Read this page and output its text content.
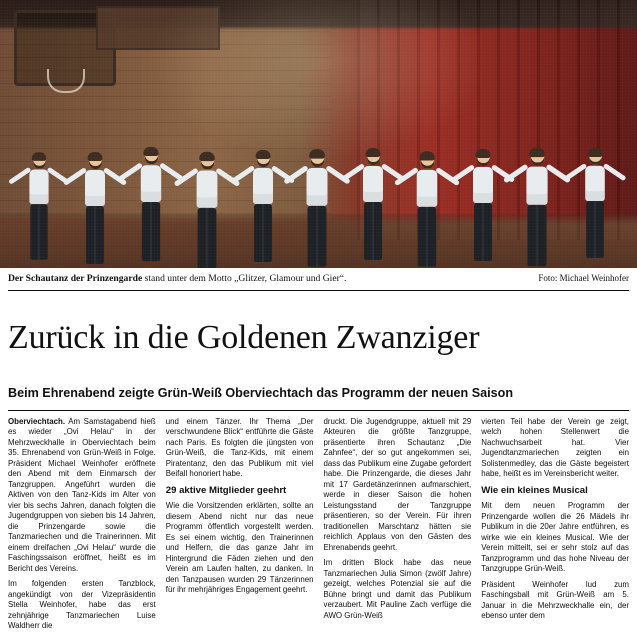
Der Schautanz der Prinzengarde stand unter dem Motto „Glitzer, Glamour und Gier“.	Foto: Michael Weinhofer
Zurück in die Goldenen Zwanziger
Beim Ehrenabend zeigte Grün-Weiß Oberviechtach das Programm der neuen Saison

Oberviechtach. Am Samstagabend hieß es wieder „Ovi Helau“ in der Mehrzweckhalle in Oberviechtach beim 35. Ehrenabend von Grün-Weiß in Folge. Präsident Michael Weinhofer eröffnete den Abend mit dem Einmarsch der Tanzgruppen. Angeführt wurden die Aktiven von den Tanz-Kids im Alter von vier bis sechs Jahren, danach folgten die Jugendgruppen von sieben bis 14 Jahren, die Prinzengarde sowie die Tanzmariechen und die Trainerinnen. Mit einem dreifachen „Ovi Helau“ wurde die Faschingssaison eröffnet, heißt es im Bericht des Vereins.

Im folgenden ersten Tanzblock, angekündigt von der Vizepräsidentin Stella Weinhofer, habe das erst zehnjährige Tanzmariechen Luise Waldherr die

und einem Tänzer. Ihr Thema „Der verschwundene Blick“ entführte die Gäste nach Paris. Es folgten die jüngsten von Grün-Weiß, die Tanz-Kids, mit einem Piratentanz, den das Publikum mit viel Beifall honoriert habe.

29 aktive Mitglieder geehrt

Wie die Vorsitzenden erklärten, sollte an diesem Abend nicht nur das neue Programm öffentlich vorgestellt werden. Es sei einem wichtig, den Trainerinnen und Helfern, die das ganze Jahr im Hintergrund die Fäden ziehen und den Verein am Laufen halten, zu danken. In den Tanzpausen wurden 29 Tänzerinnen für ihr mehrjähriges Engagement geehrt.

druckt. Die Jugendgruppe, aktuell mit 29 Akteuren die größte Tanzgruppe, präsentierte ihren Schautanz „Die Zahnfee“, der so gut angekommen sei, dass das Publikum eine Zugabe gefordert habe. Die Prinzengarde, die dieses Jahr mit 17 Gardetänzerinnen aufmarschiert, werde in dieser Saison die hohen Leistungsstand der Tanzgruppe präsentieren, so der Verein. Für ihren traditionellen Marschtanz hätten sie reichlich Applaus von den Gästen des Ehrenabends geehrt.

Im dritten Block habe das neue Tanzmariechen Julia Simon (zwölf Jahre) gezeigt, welches Potenzial sie auf die Bühne bringt und damit das Publikum verzaubert. Mit Pauline Zach verfüge die AWO Grün-Weiß

vierten Teil habe der Verein ge zeigt, welch hohen Stellenwert die Nachwuchsarbeit hat. Vier Jugendtanzmariechen zeigten ein Solistenmedley, das die Gäste begeistert habe, heißt es im Vereinsbericht weiter.

Wie ein kleines Musical

Mit dem neuen Programm der Prinzengarde wollen die 26 Mädels ihr Publikum in die 20er Jahre entführen, es wirke wie ein kleines Musical. Wie der Verein mitteilt, sei er sehr stolz auf das Tanzprogramm und das hohe Niveau der Tanzgruppe Grün-Weiß.

Präsident Weinhofer lud zum Faschingsball mit Grün-Weiß am 5. Januar in die Mehrzweckhalle ein, der ebenso unter dem
